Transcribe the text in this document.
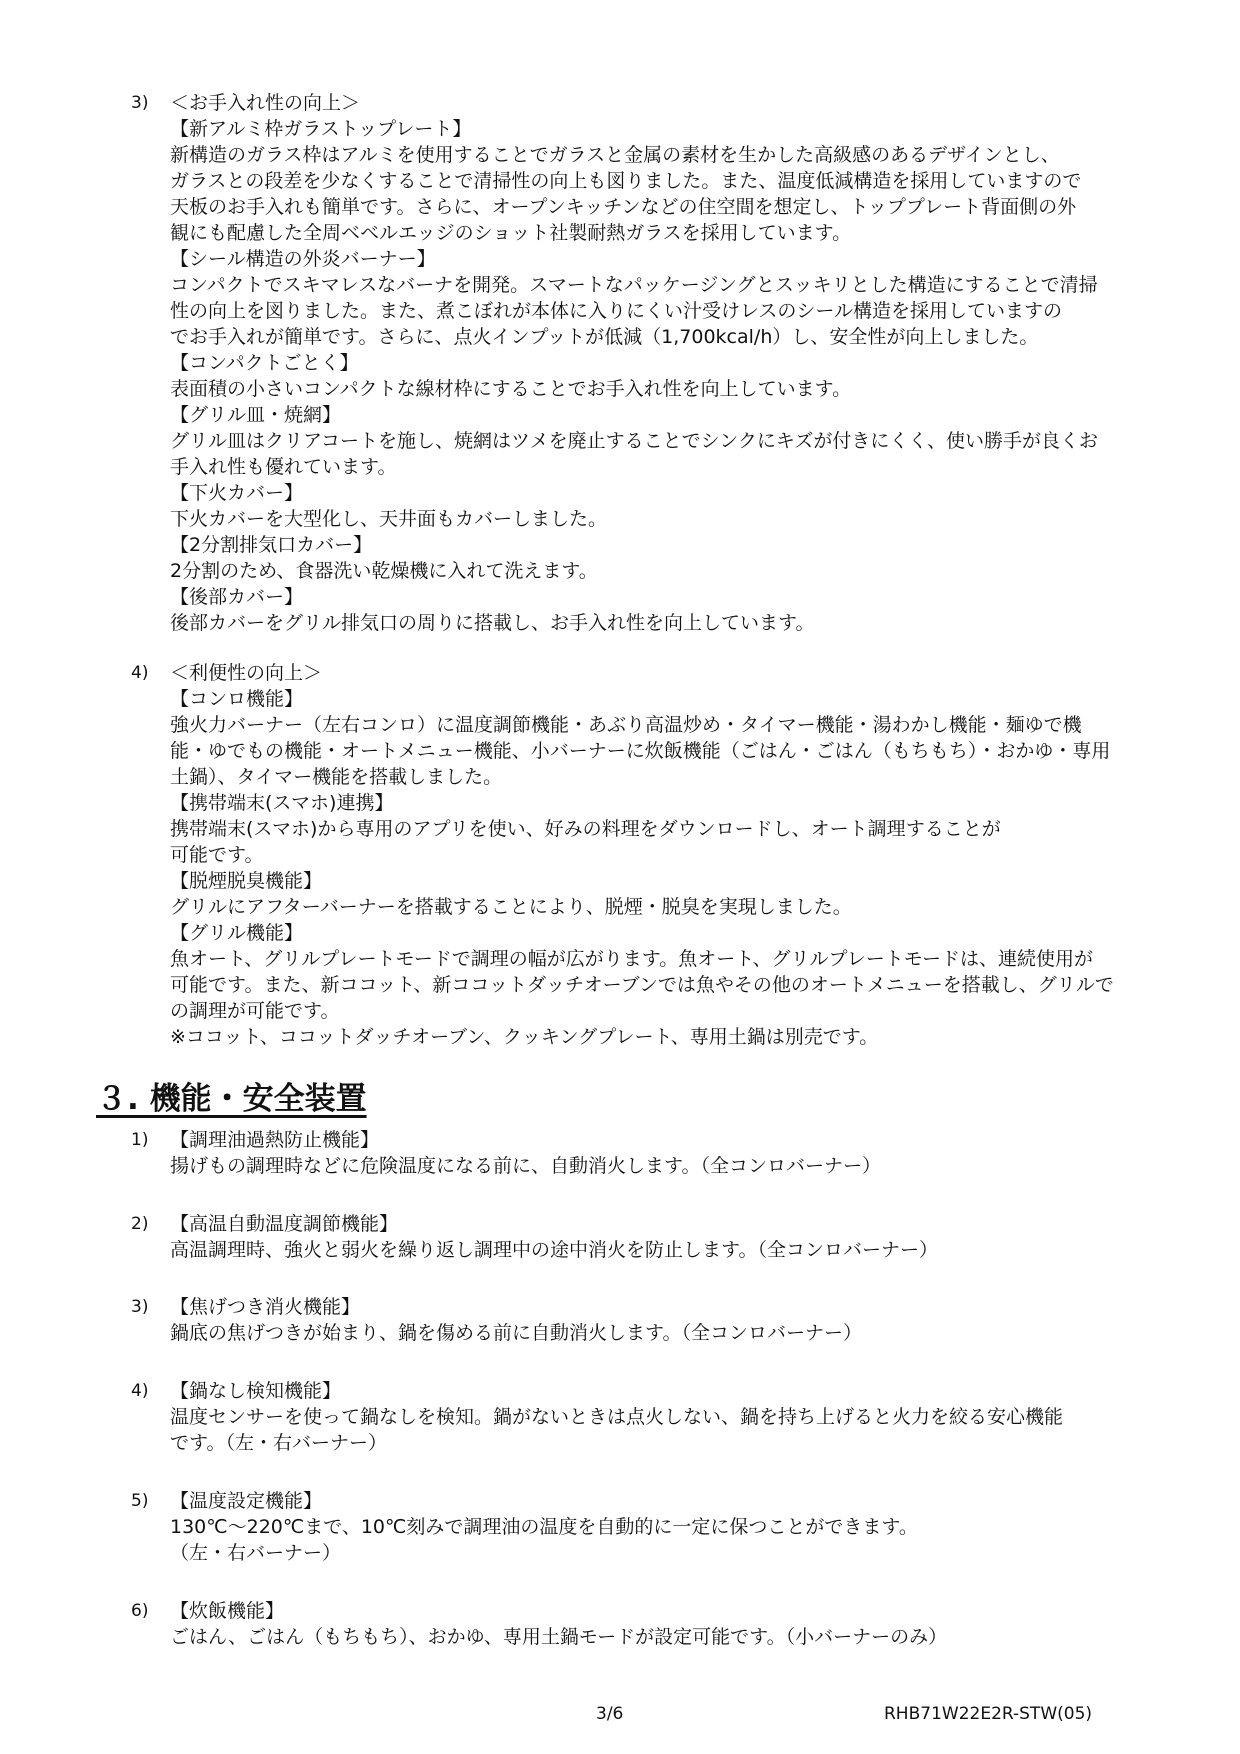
3) ＜お手入れ性の向上＞
【新アルミ枠ガラストップレート】
新構造のガラス枠はアルミを使用することでガラスと金属の素材を生かした高級感のあるデザインとし、
ガラスとの段差を少なくすることで清掃性の向上も図りました。また、温度低減構造を採用していますので
天板のお手入れも簡単です。さらに、オープンキッチンなどの住空間を想定し、トッププレート背面側の外
観にも配慮した全周ベベルエッジのショット社製耐熱ガラスを採用しています。
【シール構造の外炎バーナー】
コンパクトでスキマレスなバーナを開発。スマートなパッケージングとスッキリとした構造にすることで清掃
性の向上を図りました。また、煮こぼれが本体に入りにくい汁受けレスのシール構造を採用していますの
でお手入れが簡単です。さらに、点火インプットが低減（1,700kcal/h）し、安全性が向上しました。
【コンパクトごとく】
表面積の小さいコンパクトな線材枠にすることでお手入れ性を向上しています。
【グリル皿・焼網】
グリル皿はクリアコートを施し、焼網はツメを廃止することでシンクにキズが付きにくく、使い勝手が良くお
手入れ性も優れています。
【下火カバー】
下火カバーを大型化し、天井面もカバーしました。
【2分割排気口カバー】
2分割のため、食器洗い乾燥機に入れて洗えます。
【後部カバー】
後部カバーをグリル排気口の周りに搭載し、お手入れ性を向上しています。
4) ＜利便性の向上＞
【コンロ機能】
強火力バーナー（左右コンロ）に温度調節機能・あぶり高温炒め・タイマー機能・湯わかし機能・麺ゆで機
能・ゆでもの機能・オートメニュー機能、小バーナーに炊飯機能（ごはん・ごはん（もちもち）・おかゆ・専用
土鍋）、タイマー機能を搭載しました。
【携帯端末(スマホ)連携】
携帯端末(スマホ)から専用のアプリを使い、好みの料理をダウンロードし、オート調理することが
可能です。
【脱煙脱臭機能】
グリルにアフターバーナーを搭載することにより、脱煙・脱臭を実現しました。
【グリル機能】
魚オート、グリルプレートモードで調理の幅が広がります。魚オート、グリルプレートモードは、連続使用が
可能です。また、新ココット、新ココットダッチオーブンでは魚やその他のオートメニューを搭載し、グリルで
の調理が可能です。
※ココット、ココットダッチオーブン、クッキングプレート、専用土鍋は別売です。
３. 機能・安全装置
1) 【調理油過熱防止機能】
揚げもの調理時などに危険温度になる前に、自動消火します。（全コンロバーナー）
2) 【高温自動温度調節機能】
高温調理時、強火と弱火を繰り返し調理中の途中消火を防止します。（全コンロバーナー）
3) 【焦げつき消火機能】
鍋底の焦げつきが始まり、鍋を傷める前に自動消火します。（全コンロバーナー）
4) 【鍋なし検知機能】
温度センサーを使って鍋なしを検知。鍋がないときは点火しない、鍋を持ち上げると火力を絞る安心機能
です。（左・右バーナー）
5) 【温度設定機能】
130℃～220℃まで、10℃刻みで調理油の温度を自動的に一定に保つことができます。
（左・右バーナー）
6) 【炊飯機能】
ごはん、ごはん（もちもち）、おかゆ、専用土鍋モードが設定可能です。（小バーナーのみ）
3/6	RHB71W22E2R-STW(05)
